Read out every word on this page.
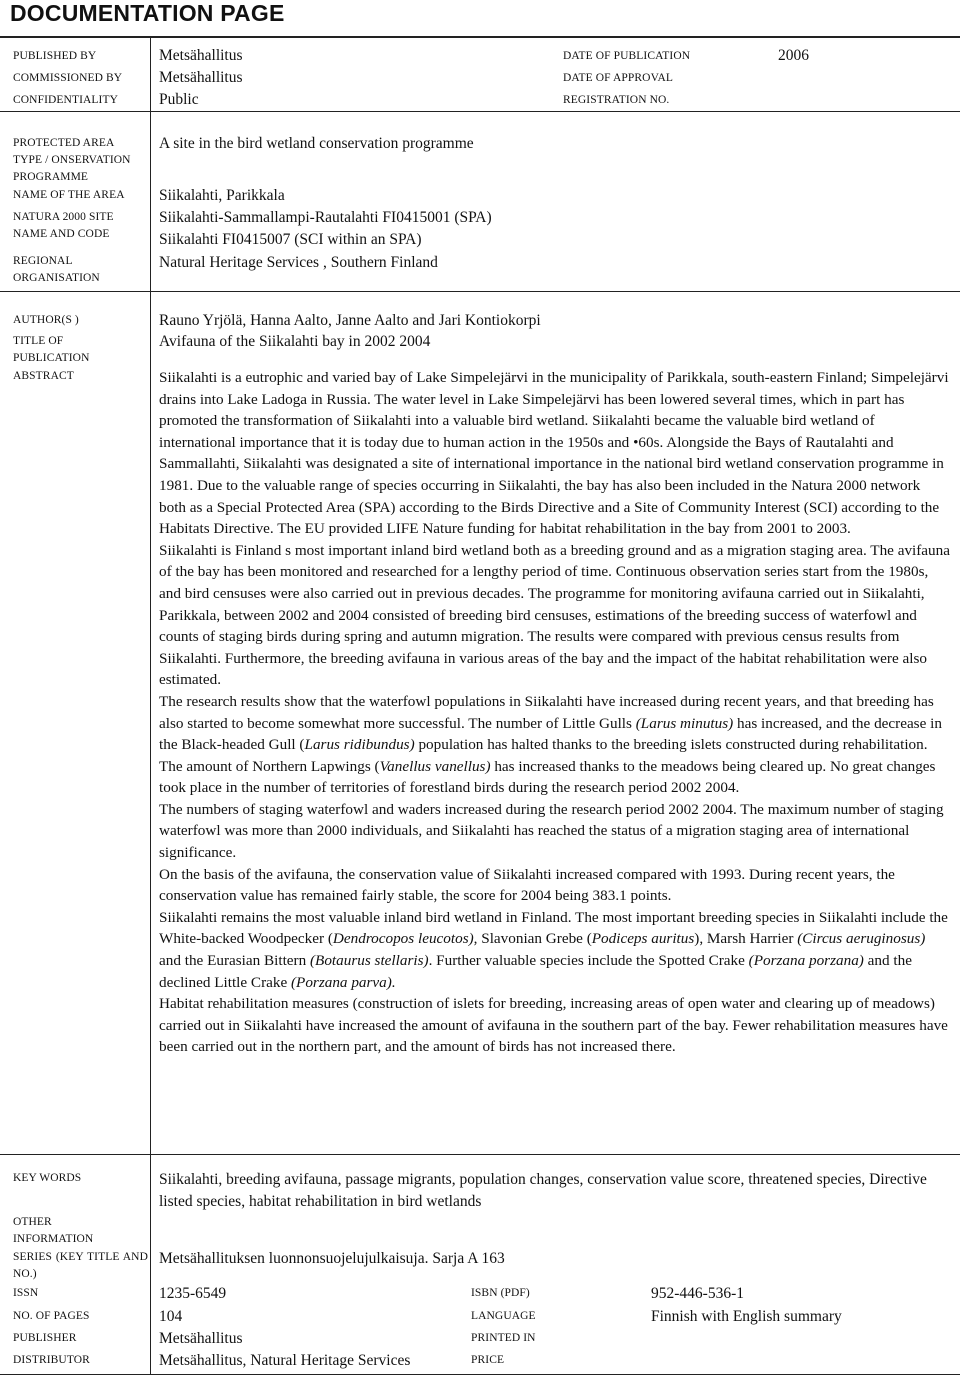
DOCUMENTATION PAGE
PUBLISHED BY	Metsähallitus	DATE OF PUBLICATION	2006
COMMISSIONED BY Metsähallitus	DATE OF APPROVAL
CONFIDENTIALITY	Public	REGISTRATION NO.
PROTECTED AREA TYPE / ONSERVATION PROGRAMME
A site in the bird wetland conservation programme
NAME OF THE AREA Siikalahti, Parikkala
NATURA 2000 SITE NAME AND CODE
Siikalahti-Sammallampi-Rautalahti FI0415001 (SPA)
Siikalahti FI0415007 (SCI within an SPA)
REGIONAL ORGANISATION
Natural Heritage Services , Southern Finland
AUTHOR(S )	Rauno Yrjölä, Hanna Aalto, Janne Aalto and Jari Kontiokorpi
TITLE OF PUBLICATION
Avifauna of the Siikalahti bay in 2002 2004
ABSTRACT	Siikalahti is a eutrophic and varied bay of Lake Simpelejärvi in the municipality of Parikkala, south-eastern Finland; Simpelejärvi drains into Lake Ladoga in Russia. The water level in Lake Simpelejärvi has been lowered several times, which in part has promoted the transformation of Siikalahti into a valuable bird wetland. Siikalahti became the valuable bird wetland of international importance that it is today due to human action in the 1950s and •60s. Alongside the Bays of Rautalahti and Sammallahti, Siikalahti was designated a site of international importance in the national bird wetland conservation programme in 1981. Due to the valuable range of species occurring in Siikalahti, the bay has also been included in the Natura 2000 network both as a Special Protected Area (SPA) according to the Birds Directive and a Site of Community Interest (SCI) according to the Habitats Directive. The EU provided LIFE Nature funding for habitat rehabilitation in the bay from 2001 to 2003.

Siikalahti is Finland s most important inland bird wetland both as a breeding ground and as a migration staging area. The avifauna of the bay has been monitored and researched for a lengthy period of time. Continuous observation series start from the 1980s, and bird censuses were also carried out in previous decades. The programme for monitoring avifauna carried out in Siikalahti, Parikkala, between 2002 and 2004 consisted of breeding bird censuses, estimations of the breeding success of waterfowl and counts of staging birds during spring and autumn migration. The results were compared with previous census results from Siikalahti. Furthermore, the breeding avifauna in various areas of the bay and the impact of the habitat rehabilitation were also estimated.

The research results show that the waterfowl populations in Siikalahti have increased during recent years, and that breeding has also started to become somewhat more successful. The number of Little Gulls (Larus minutus) has increased, and the decrease in the Black-headed Gull (Larus ridibundus) population has halted thanks to the breeding islets constructed during rehabilitation. The amount of Northern Lapwings (Vanellus vanellus) has increased thanks to the meadows being cleared up. No great changes took place in the number of territories of forestland birds during the research period 2002 2004.

The numbers of staging waterfowl and waders increased during the research period 2002 2004. The maximum number of staging waterfowl was more than 2000 individuals, and Siikalahti has reached the status of a migration staging area of international significance.

On the basis of the avifauna, the conservation value of Siikalahti increased compared with 1993. During recent years, the conservation value has remained fairly stable, the score for 2004 being 383.1 points.

Siikalahti remains the most valuable inland bird wetland in Finland. The most important breeding species in Siikalahti include the White-backed Woodpecker (Dendrocopos leucotos), Slavonian Grebe (Podiceps auritus), Marsh Harrier (Circus aeruginosus) and the Eurasian Bittern (Botaurus stellaris). Further valuable species include the Spotted Crake (Porzana porzana) and the declined Little Crake (Porzana parva).

Habitat rehabilitation measures (construction of islets for breeding, increasing areas of open water and clearing up of meadows) carried out in Siikalahti have increased the amount of avifauna in the southern part of the bay. Fewer rehabilitation measures have been carried out in the northern part, and the amount of birds has not increased there.

KEY WORDS	Siikalahti, breeding avifauna, passage migrants, population changes, conservation value score, threatened species, Directive listed species, habitat rehabilitation in bird wetlands
OTHER INFORMATION
SERIES (KEY TITLE AND NO.)
Metsähallituksen luonnonsuojelujulkaisuja. Sarja A 163
ISSN	1235-6549	ISBN (PDF)	952-446-536-1
NO. OF PAGES	104	LANGUAGE	Finnish with English summary
PUBLISHER	Metsähallitus	PRINTED IN
DISTRIBUTOR	Metsähallitus, Natural Heritage Services	PRICE
